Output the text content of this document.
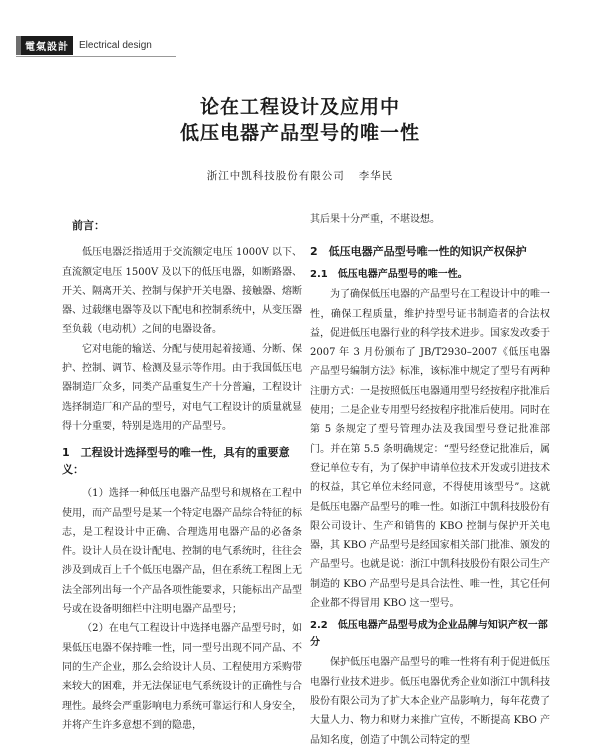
電氣設計	Electrical design
论在工程设计及应用中
低压电器产品型号的唯一性
浙江中凯科技股份有限公司 李华民
前言：

低压电器泛指适用于交流额定电压 1000V 以下、直流额定电压 1500V 及以下的低压电器，如断路器、开关、隔离开关、控制与保护开关电器、接触器、熔断器、过载继电器等及以下配电和控制系统中，从变压器至负载（电动机）之间的电器设备。

它对电能的输送、分配与使用起着接通、分断、保护、控制、调节、检测及显示等作用。由于我国低压电器制造厂众多，同类产品重复生产十分普遍，工程设计选择制造厂和产品的型号，对电气工程设计的质量就显得十分重要，特别是选用的产品型号。

1　工程设计选择型号的唯一性，具有的重要意义：

（1）选择一种低压电器产品型号和规格在工程中使用，而产品型号是某一个特定电器产品综合特征的标志，是工程设计中正确、合理选用电器产品的必备条件。设计人员在设计配电、控制的电气系统时，往往会涉及到成百上千个低压电器产品，但在系统工程图上无法全部列出每一个产品各项性能要求，只能标出产品型号或在设备明细栏中注明电器产品型号；

（2）在电气工程设计中选择电器产品型号时，如果低压电器不保持唯一性，同一型号出现不同产品、不同的生产企业，那么会给设计人员、工程使用方采购带来较大的困难，并无法保证电气系统设计的正确性与合理性。最终会严重影响电力系统可靠运行和人身安全，并将产生许多意想不到的隐患，

其后果十分严重，不堪设想。

2　低压电器产品型号唯一性的知识产权保护
2.1　低压电器产品型号的唯一性。

为了确保低压电器的产品型号在工程设计中的唯一性，确保工程质量，维护持型号证书制造者的合法权益，促进低压电器行业的科学技术进步。国家发改委于 2007 年 3 月份颁布了 JB/T2930–2007《低压电器产品型号编制方法》标准，该标准中规定了型号有两种注册方式：一是按照低压电器通用型号经按程序批准后使用；二是企业专用型号经按程序批准后使用。同时在第 5 条规定了型号管理办法及我国型号登记批准部门。并在第 5.5 条明确规定：“型号经登记批准后，属登记单位专有，为了保护申请单位技术开发或引进技术的权益，其它单位未经同意，不得使用该型号”。这就是低压电器产品型号的唯一性。如浙江中凯科技股份有限公司设计、生产和销售的 KBO 控制与保护开关电器，其 KBO 产品型号是经国家相关部门批准、颁发的产品型号。也就是说：浙江中凯科技股份有限公司生产制造的 KBO 产品型号是具合法性、唯一性，其它任何企业都不得冒用 KBO 这一型号。

2.2　低压电器产品型号成为企业品牌与知识产权一部分

保护低压电器产品型号的唯一性将有利于促进低压电器行业技术进步。低压电器优秀企业如浙江中凯科技股份有限公司为了扩大本企业产品影响力，每年花费了大量人力、物力和财力来推广宣传，不断提高 KBO 产品知名度，创造了中凯公司特定的型
